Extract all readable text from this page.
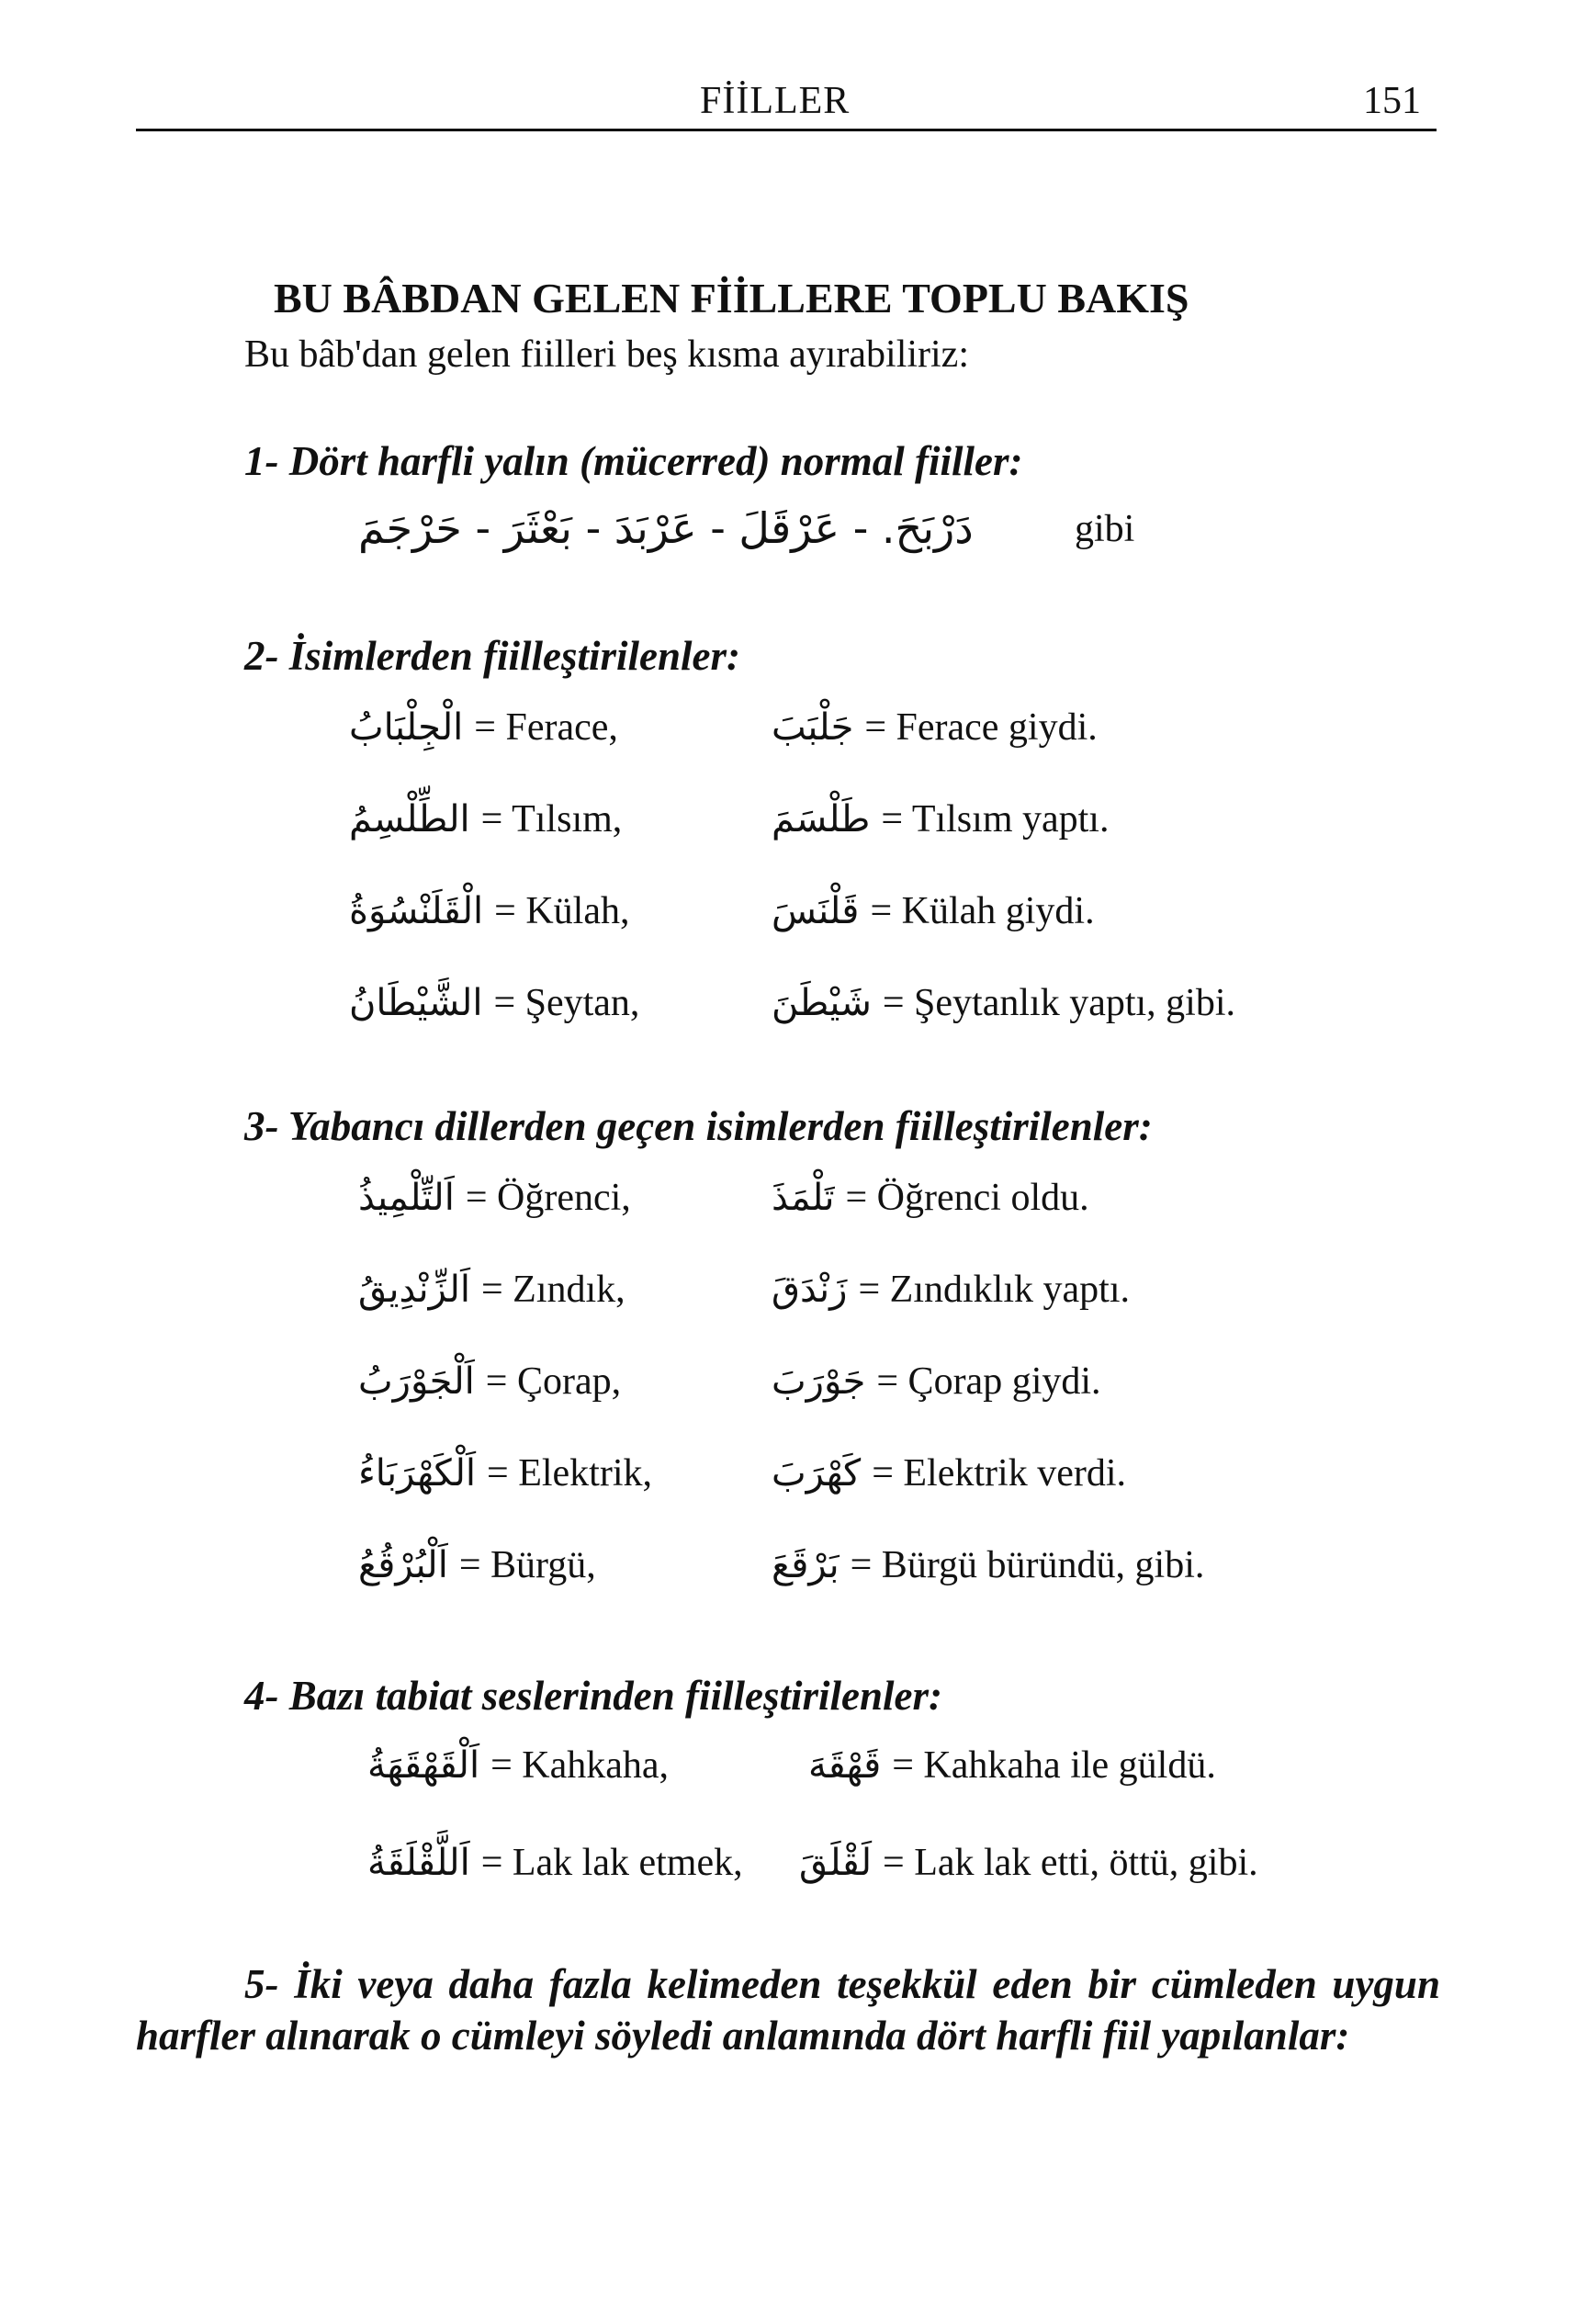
FİİLLER	151
BU BÂBDAN GELEN FİİLLERE TOPLU BAKIŞ
Bu bâb'dan gelen fiilleri beş kısma ayırabiliriz:
1- Dört harfli yalın (mücerred) normal fiiller:
دَرْبَحَ. - عَرْقَلَ - عَرْبَدَ - بَعْثَرَ - حَرْجَمَ	gibi
2- İsimlerden fiilleştirilenler:
الْجِلْبَابُ = Ferace,	جَلْبَبَ = Ferace giydi.
الطِّلْسِمُ = Tılsım,	طَلْسَمَ = Tılsım yaptı.
الْقَلَنْسُوَةُ = Külah,	قَلْنَسَ = Külah giydi.
الشَّيْطَانُ = Şeytan,	شَيْطَنَ = Şeytanlık yaptı, gibi.
3- Yabancı dillerden geçen isimlerden fiilleştirilenler:
اَلتِّلْمِيذُ = Öğrenci,	تَلْمَذَ = Öğrenci oldu.
اَلزِّنْدِيقُ = Zındık,	زَنْدَقَ = Zındıklık yaptı.
اَلْجَوْرَبُ = Çorap,	جَوْرَبَ = Çorap giydi.
اَلْكَهْرَبَاءُ = Elektrik,	كَهْرَبَ = Elektrik verdi.
اَلْبُرْقُعُ = Bürgü,	بَرْقَعَ = Bürgü büründü, gibi.
4- Bazı tabiat seslerinden fiilleştirilenler:
اَلْقَهْقَهَةُ = Kahkaha,	قَهْقَهَ = Kahkaha ile güldü.
اَللَّقْلَقَةُ = Lak lak etmek, لَقْلَقَ = Lak lak etti, öttü, gibi.
5- İki veya daha fazla kelimeden teşekkül eden bir cümleden uygun harfler alınarak o cümleyi söyledi anlamında dört harfli fiil yapılanlar:
